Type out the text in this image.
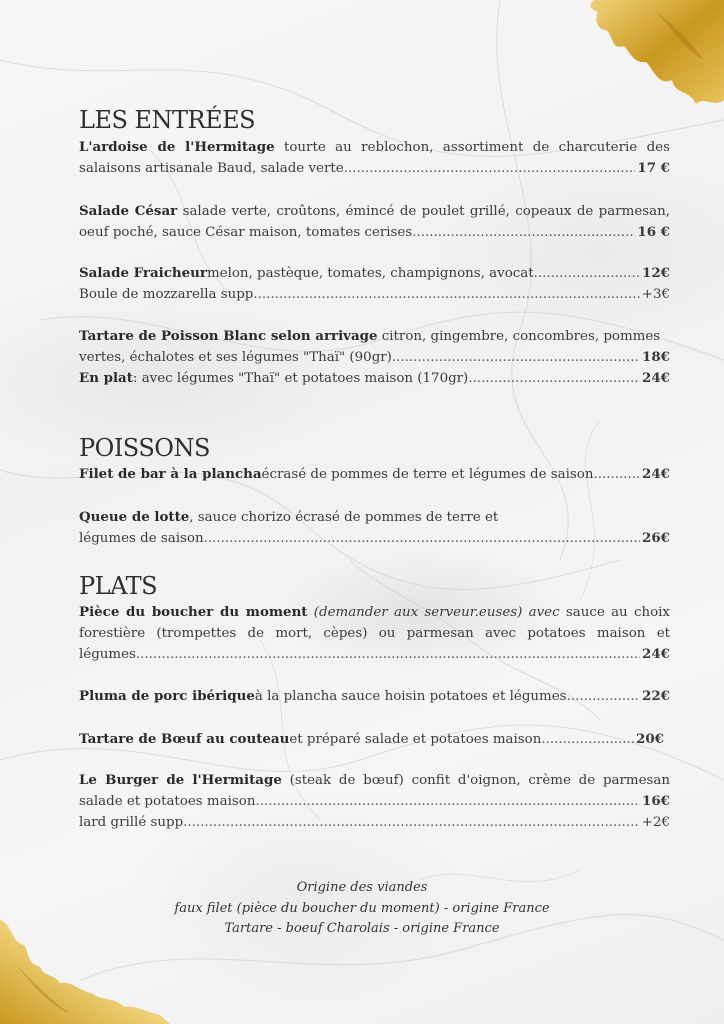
LES ENTRÉES
L'ardoise de l'Hermitage tourte au reblochon, assortiment de charcuterie des
salaisons artisanale Baud, salade verte .....	17 €
Salade César salade verte, croûtons, émincé de poulet grillé, copeaux de parmesan,
oeuf poché, sauce César maison, tomates cerises .....	16 €
Salade Fraicheur melon, pastèque, tomates, champignons, avocat .....	12€
Boule de mozzarella supp .....	+3€
Tartare de Poisson Blanc selon arrivage citron, gingembre, concombres, pommes
vertes, échalotes et ses légumes "Thaï" (90gr) .....	18€
En plat : avec légumes "Thaï" et potatoes maison (170gr) .....	24€
POISSONS
Filet de bar à la plancha écrasé de pommes de terre et légumes de saison .....	24€
Queue de lotte, sauce chorizo écrasé de pommes de terre et
légumes de saison .....	26€
PLATS
Pièce du boucher du moment (demander aux serveur.euses) avec sauce au choix
forestière (trompettes de mort, cèpes) ou parmesan avec potatoes maison et
légumes .....	24€
Pluma de porc ibérique à la plancha sauce hoisin potatoes et légumes .....	22€
Tartare de Bœuf au couteau et préparé salade et potatoes maison .....	20€
Le Burger de l'Hermitage (steak de bœuf) confit d'oignon, crème de parmesan
salade et potatoes maison .....	16€
lard grillé supp .....	+2€
Origine des viandes
faux filet (pièce du boucher du moment) - origine France
Tartare - boeuf Charolais - origine France
